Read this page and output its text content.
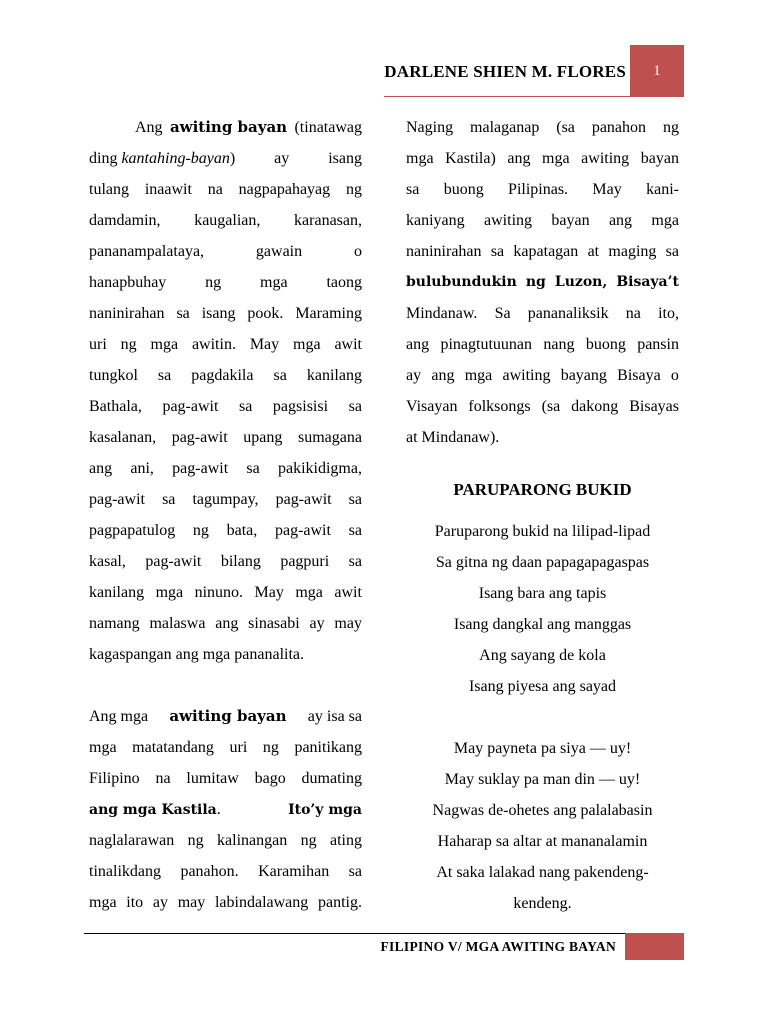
DARLENE SHIEN M. FLORES	1
Ang awiting bayan (tinatawag
ding kantahing-bayan) ay isang
tulang inaawit na nagpapahayag ng
damdamin, kaugalian, karanasan,
pananampalataya,	gawain	o
hanapbuhay ng mga taong
naninirahan sa isang pook. Maraming
uri ng mga awitin. May mga awit
tungkol sa pagdakila sa kanilang
Bathala, pag-awit sa pagsisisi sa
kasalanan, pag-awit upang sumagana
ang ani, pag-awit sa pakikidigma,
pag-awit sa tagumpay, pag-awit sa
pagpapatulog ng bata, pag-awit sa
kasal, pag-awit bilang pagpuri sa
kanilang mga ninuno. May mga awit
namang malaswa ang sinasabi ay may
kagaspangan ang mga pananalita.
Ang mga awiting bayan ay isa sa
mga matatandang uri ng panitikang
Filipino na lumitaw bago dumating
ang mga Kastila.	Ito’y mga
naglalarawan ng kalinangan ng ating
tinalikdang panahon. Karamihan sa
mga ito ay may labindalawang pantig.
Naging malaganap (sa panahon ng
mga Kastila) ang mga awiting bayan
sa buong Pilipinas. May kani-
kaniyang awiting bayan ang mga
naninirahan sa kapatagan at maging sa
bulubundukin ng Luzon, Bisaya’t
Mindanaw. Sa pananaliksik na ito,
ang pinagtutuunan nang buong pansin
ay ang mga awiting bayang Bisaya o
Visayan folksongs (sa dakong Bisayas
at Mindanaw).
PARUPARONG BUKID
Paruparong bukid na lilipad-lipad
Sa gitna ng daan papagapagaspas
Isang bara ang tapis
Isang dangkal ang manggas
Ang sayang de kola
Isang piyesa ang sayad
May payneta pa siya — uy!
May suklay pa man din — uy!
Nagwas de-ohetes ang palalabasin
Haharap sa altar at mananalamin
At saka lalakad nang pakendeng-
kendeng.
FILIPINO V/ MGA AWITING BAYAN
